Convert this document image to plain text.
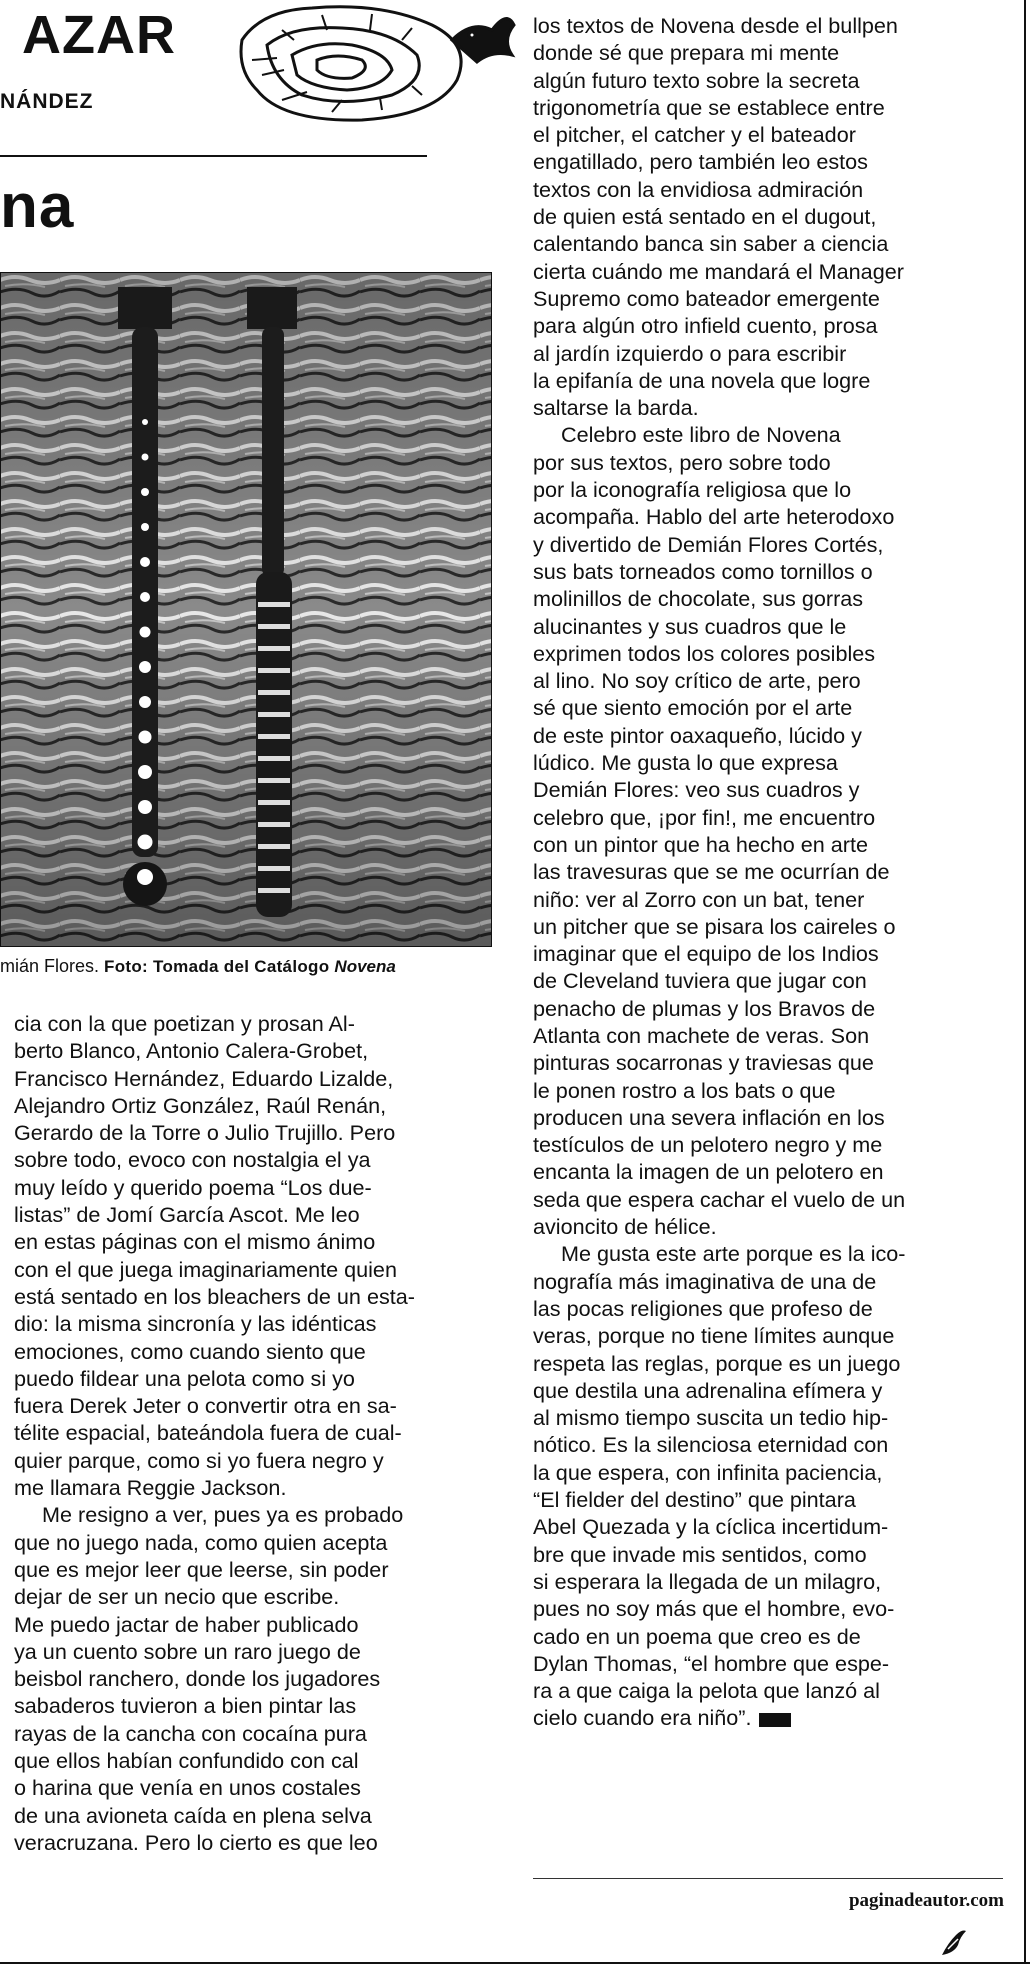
AZAR
NÁNDEZ
na
mián Flores. Foto: Tomada del Catálogo Novena

cia con la que poetizan y prosan Al-

berto Blanco, Antonio Calera-Grobet,

Francisco Hernández, Eduardo Lizalde,

Alejandro Ortiz González, Raúl Renán,

Gerardo de la Torre o Julio Trujillo. Pero

sobre todo, evoco con nostalgia el ya

muy leído y querido poema “Los due-

listas” de Jomí García Ascot. Me leo

en estas páginas con el mismo ánimo

con el que juega imaginariamente quien

está sentado en los bleachers de un esta-

dio: la misma sincronía y las idénticas

emociones, como cuando siento que

puedo fildear una pelota como si yo

fuera Derek Jeter o convertir otra en sa-

télite espacial, bateándola fuera de cual-

quier parque, como si yo fuera negro y

me llamara Reggie Jackson.

Me resigno a ver, pues ya es probado

que no juego nada, como quien acepta

que es mejor leer que leerse, sin poder

dejar de ser un necio que escribe.

Me puedo jactar de haber publicado

ya un cuento sobre un raro juego de

beisbol ranchero, donde los jugadores

sabaderos tuvieron a bien pintar las

rayas de la cancha con cocaína pura

que ellos habían confundido con cal

o harina que venía en unos costales

de una avioneta caída en plena selva

veracruzana. Pero lo cierto es que leo

los textos de Novena desde el bullpen

donde sé que prepara mi mente

algún futuro texto sobre la secreta

trigonometría que se establece entre

el pitcher, el catcher y el bateador

engatillado, pero también leo estos

textos con la envidiosa admiración

de quien está sentado en el dugout,

calentando banca sin saber a ciencia

cierta cuándo me mandará el Manager

Supremo como bateador emergente

para algún otro infield cuento, prosa

al jardín izquierdo o para escribir

la epifanía de una novela que logre

saltarse la barda.

Celebro este libro de Novena

por sus textos, pero sobre todo

por la iconografía religiosa que lo

acompaña. Hablo del arte heterodoxo

y divertido de Demián Flores Cortés,

sus bats torneados como tornillos o

molinillos de chocolate, sus gorras

alucinantes y sus cuadros que le

exprimen todos los colores posibles

al lino. No soy crítico de arte, pero

sé que siento emoción por el arte

de este pintor oaxaqueño, lúcido y

lúdico. Me gusta lo que expresa

Demián Flores: veo sus cuadros y

celebro que, ¡por fin!, me encuentro

con un pintor que ha hecho en arte

las travesuras que se me ocurrían de

niño: ver al Zorro con un bat, tener

un pitcher que se pisara los caireles o

imaginar que el equipo de los Indios

de Cleveland tuviera que jugar con

penacho de plumas y los Bravos de

Atlanta con machete de veras. Son

pinturas socarronas y traviesas que

le ponen rostro a los bats o que

producen una severa inflación en los

testículos de un pelotero negro y me

encanta la imagen de un pelotero en

seda que espera cachar el vuelo de un

avioncito de hélice.

Me gusta este arte porque es la ico-

nografía más imaginativa de una de

las pocas religiones que profeso de

veras, porque no tiene límites aunque

respeta las reglas, porque es un juego

que destila una adrenalina efímera y

al mismo tiempo suscita un tedio hip-

nótico. Es la silenciosa eternidad con

la que espera, con infinita paciencia,

“El fielder del destino” que pintara

Abel Quezada y la cíclica incertidum-

bre que invade mis sentidos, como

si esperara la llegada de un milagro,

pues no soy más que el hombre, evo-

cado en un poema que creo es de

Dylan Thomas, “el hombre que espe-

ra a que caiga la pelota que lanzó al

cielo cuando era niño”.

paginadeautor.com
